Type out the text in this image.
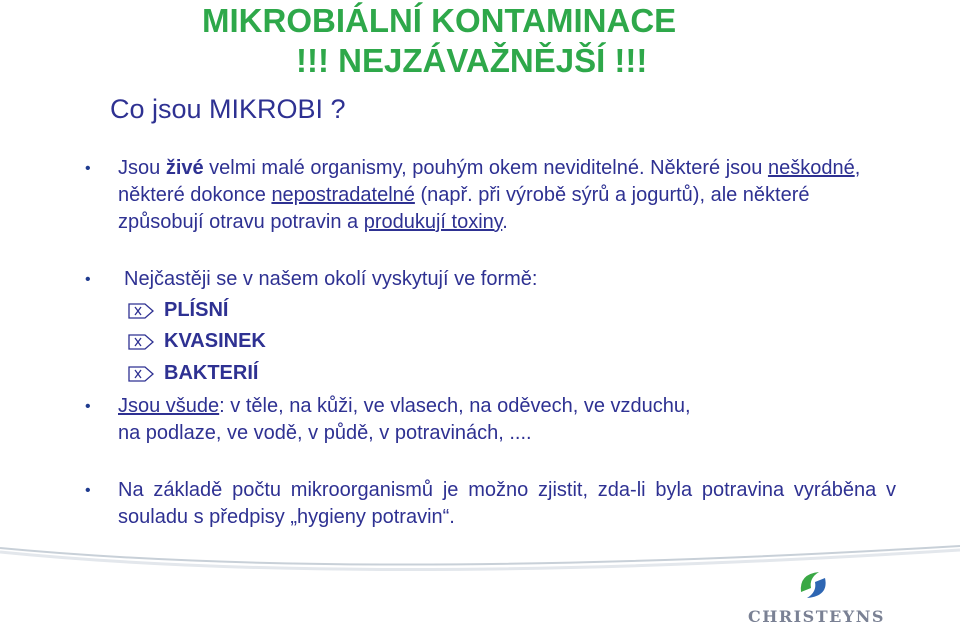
MIKROBIÁLNÍ KONTAMINACE
!!! NEJZÁVAŽNĚJŠÍ !!!

Co jsou MIKROBI ?

• Jsou živé velmi malé organismy, pouhým okem neviditelné. Některé jsou neškodné, některé dokonce nepostradatelné (např. při výrobě sýrů a jogurtů), ale některé způsobují otravu potravin a produkují toxiny.
• Nejčastěji se v našem okolí vyskytují ve formě:
PLÍSNÍ
KVASINEK
BAKTERIÍ
• Jsou všude: v těle, na kůži, ve vlasech, na oděvech, ve vzduchu, na podlaze, ve vodě, v půdě, v potravinách, ....
• Na základě počtu mikroorganismů je možno zjistit, zda-li byla potravina vyráběna v souladu s předpisy „hygieny potravin“.
CHRISTEYNS
